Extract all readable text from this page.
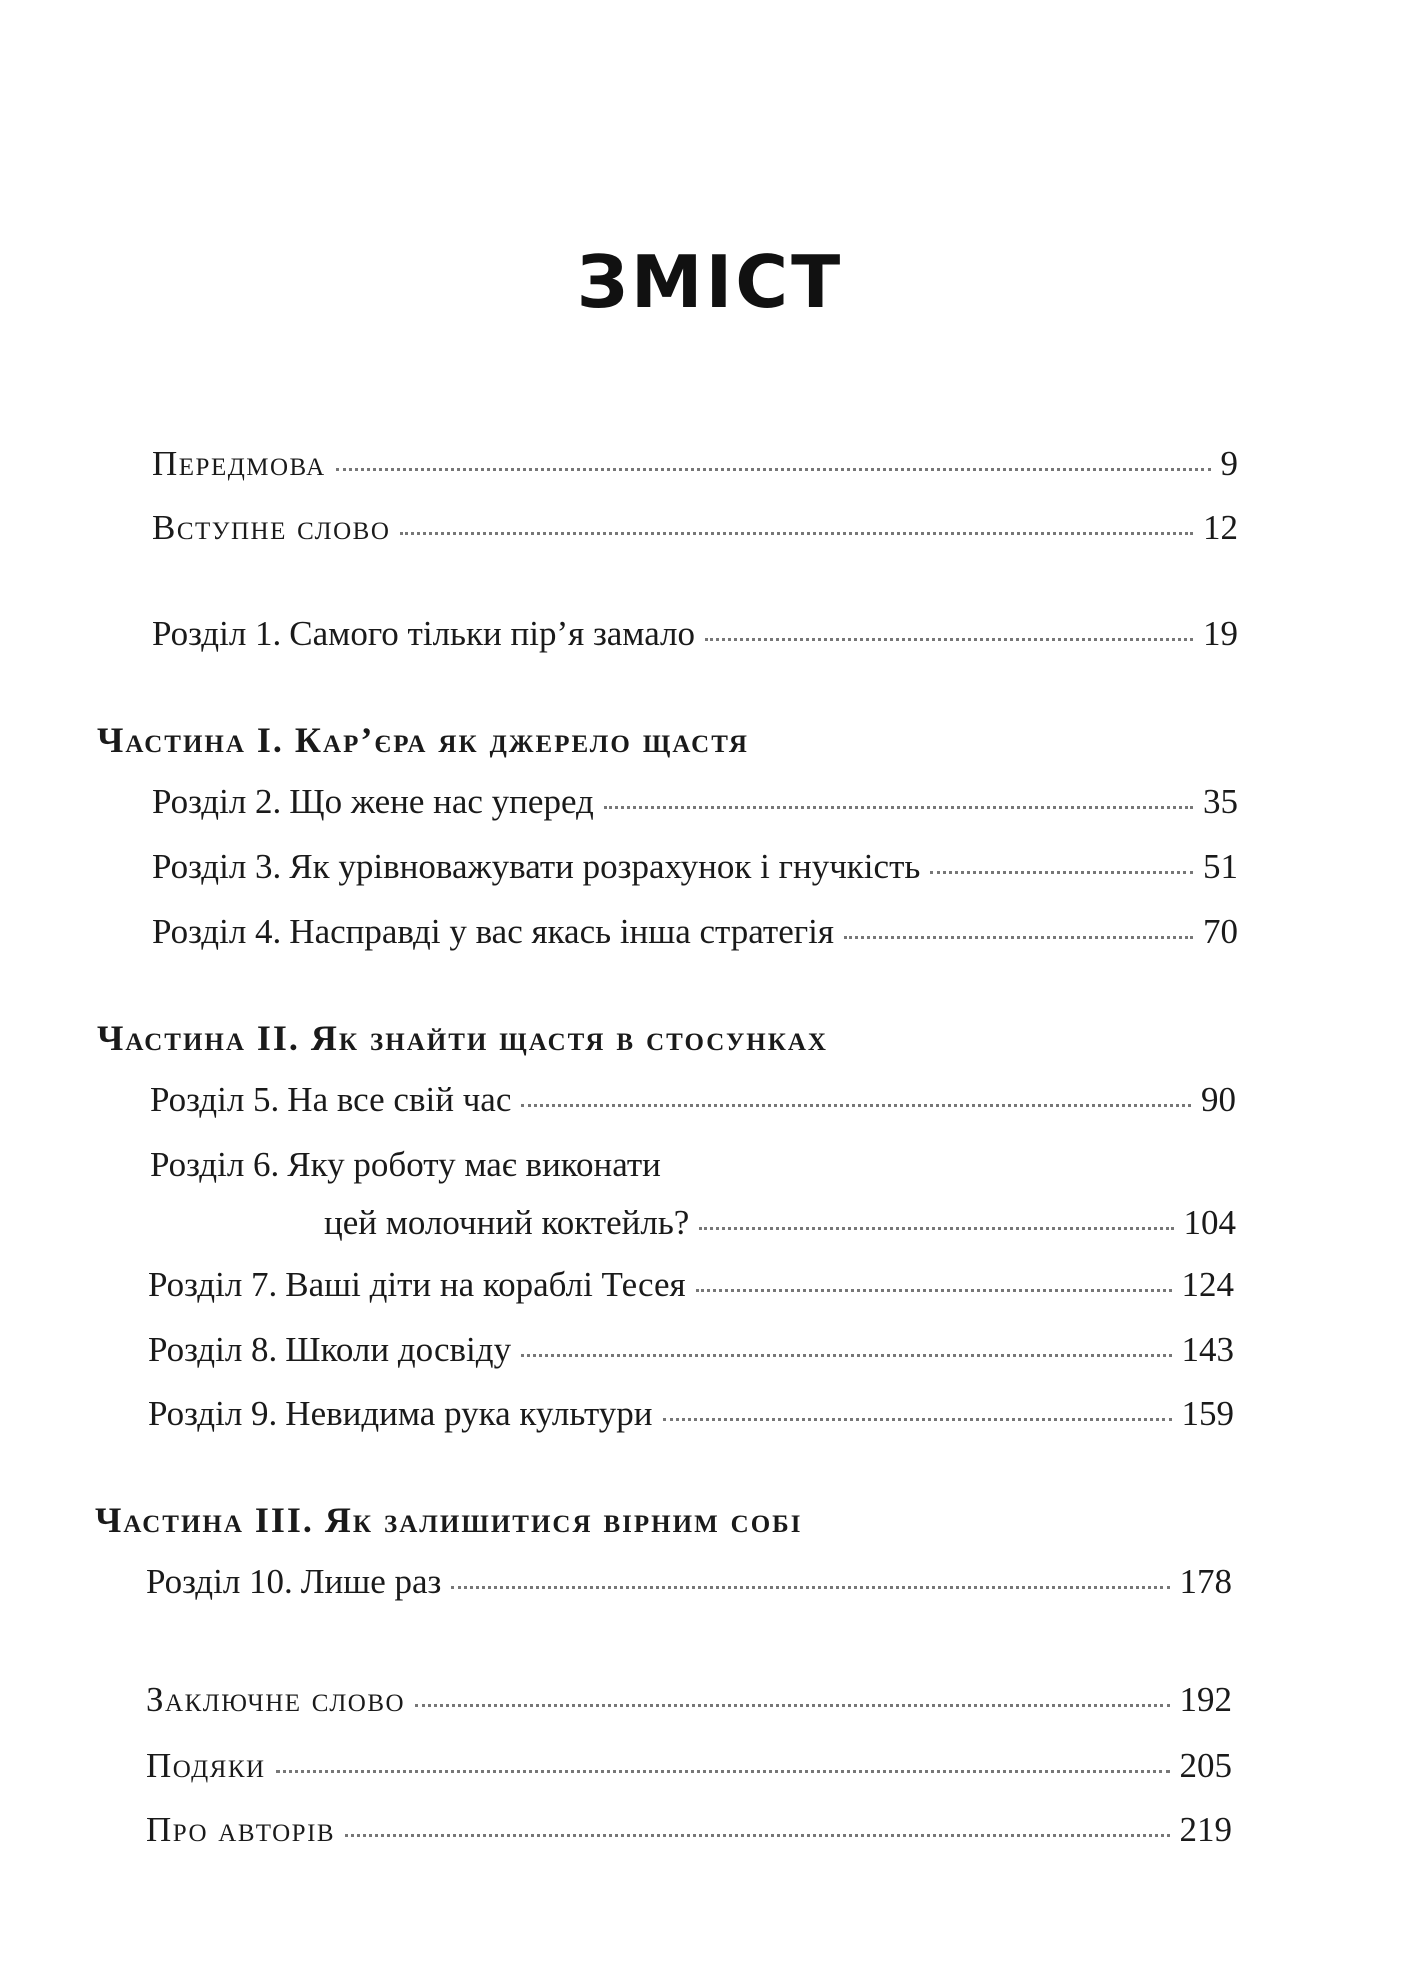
ЗМІСТ
Передмова	9
Вступне слово	12
Розділ 1. Самого тільки пір’я замало	19
Частина I. Кар’єра як джерело щастя
Розділ 2. Що жене нас уперед	35
Розділ 3. Як урівноважувати розрахунок і гнучкість	51
Розділ 4. Насправді у вас якась інша стратегія	70
Частина II. Як знайти щастя в стосунках
Розділ 5. На все свій час	90
Розділ 6. Яку роботу має виконати
цей молочний коктейль?	104
Розділ 7. Ваші діти на кораблі Тесея	124
Розділ 8. Школи досвіду	143
Розділ 9. Невидима рука культури	159
Частина III. Як залишитися вірним собі
Розділ 10. Лише раз	178
Заключне слово	192
Подяки	205
Про авторів	219
